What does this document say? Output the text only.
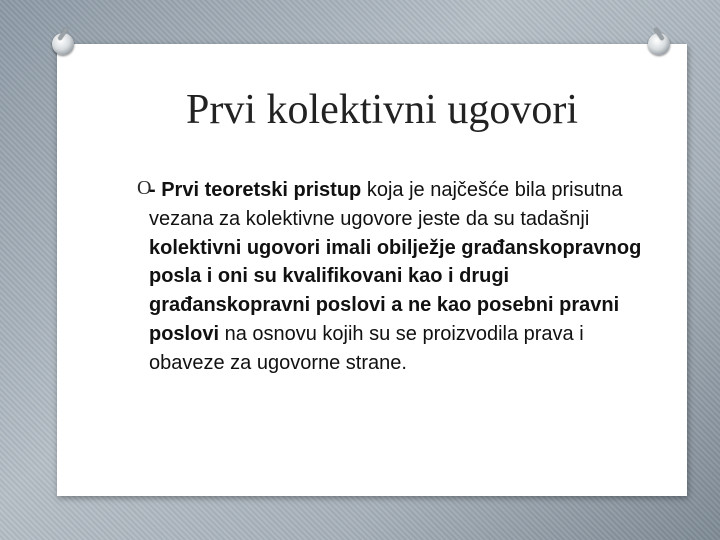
Prvi kolektivni ugovori
O

- Prvi teoretski pristup koja je najčešće bila prisutna vezana za kolektivne ugovore jeste da su tadašnji kolektivni ugovori imali obilježje građanskopravnog posla i oni su kvalifikovani kao i drugi građanskopravni poslovi a ne kao posebni pravni poslovi na osnovu kojih su se proizvodila prava i obaveze za ugovorne strane.
